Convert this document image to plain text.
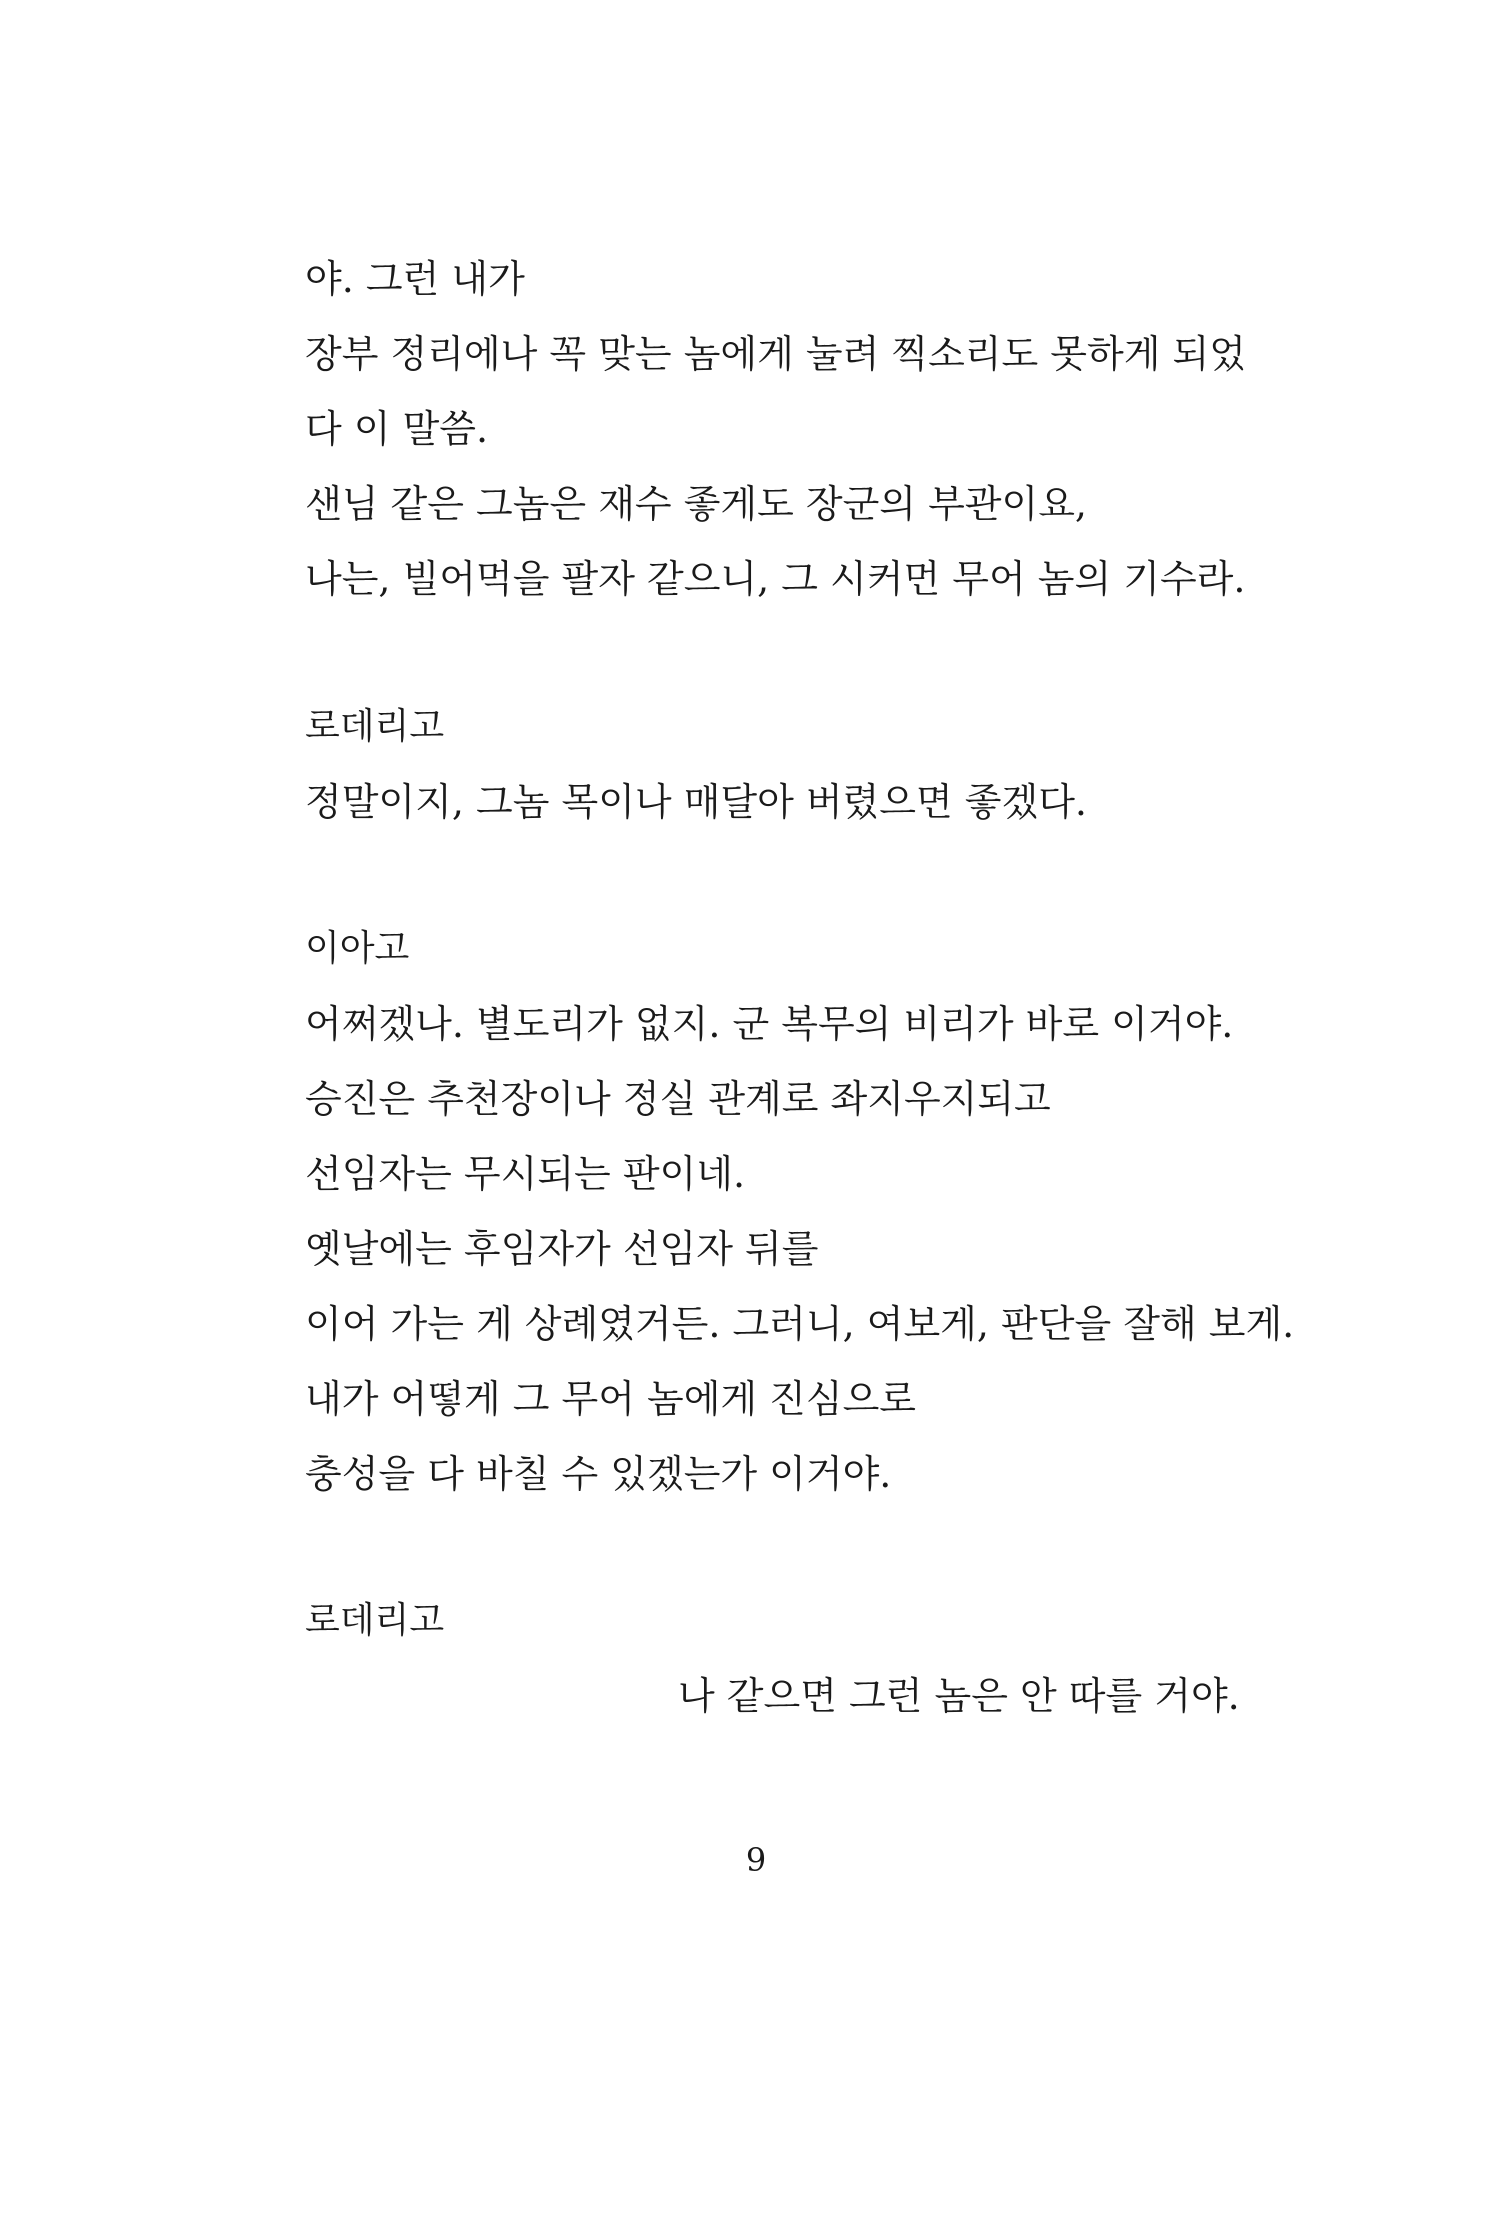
야. 그런 내가
장부 정리에나 꼭 맞는 놈에게 눌려 찍소리도 못하게 되었
다 이 말씀.
샌님 같은 그놈은 재수 좋게도 장군의 부관이요,
나는, 빌어먹을 팔자 같으니, 그 시커먼 무어 놈의 기수라.
로데리고
정말이지, 그놈 목이나 매달아 버렸으면 좋겠다.
이아고
어쩌겠나. 별도리가 없지. 군 복무의 비리가 바로 이거야.
승진은 추천장이나 정실 관계로 좌지우지되고
선임자는 무시되는 판이네.
옛날에는 후임자가 선임자 뒤를
이어 가는 게 상례였거든. 그러니, 여보게, 판단을 잘해 보게.
내가 어떻게 그 무어 놈에게 진심으로
충성을 다 바칠 수 있겠는가 이거야.
로데리고
나 같으면 그런 놈은 안 따를 거야.
9
